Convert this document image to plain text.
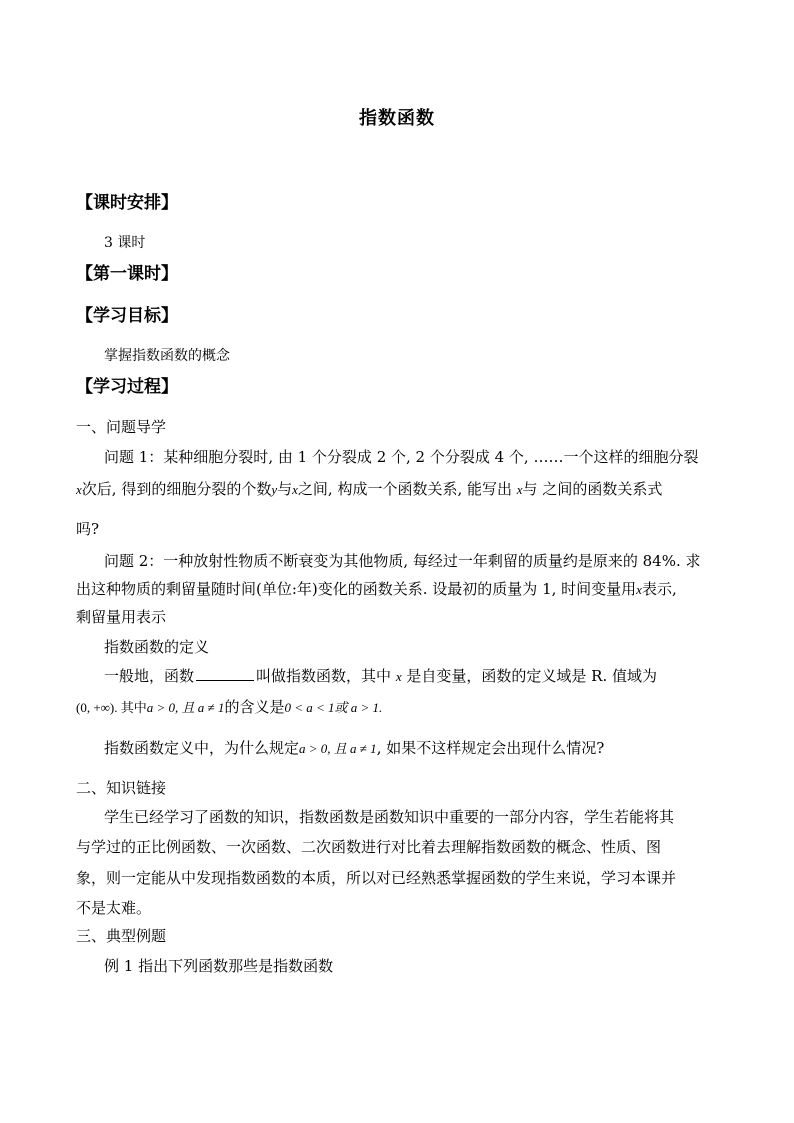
指数函数
【课时安排】
3 课时
【第一课时】
【学习目标】
掌握指数函数的概念
【学习过程】
一、问题导学
问题 1：某种细胞分裂时, 由 1 个分裂成 2 个, 2 个分裂成 4 个, ……一个这样的细胞分裂
x次后, 得到的细胞分裂的个数y与x之间, 构成一个函数关系, 能写出 x与 之间的函数关系式
吗?
问题 2：一种放射性物质不断衰变为其他物质, 每经过一年剩留的质量约是原来的 84%. 求
出这种物质的剩留量随时间(单位:年)变化的函数关系. 设最初的质量为 1, 时间变量用x表示,
剩留量用表示
指数函数的定义
一般地，函数	叫做指数函数，其中 x 是自变量，函数的定义域是 R. 值域为
(0, +∞). 其中a > 0, 且 a ≠ 1的含义是0 < a < 1或 a > 1.
指数函数定义中，为什么规定a > 0, 且 a ≠ 1, 如果不这样规定会出现什么情况?
二、知识链接
学生已经学习了函数的知识，指数函数是函数知识中重要的一部分内容，学生若能将其
与学过的正比例函数、一次函数、二次函数进行对比着去理解指数函数的概念、性质、图
象，则一定能从中发现指数函数的本质，所以对已经熟悉掌握函数的学生来说，学习本课并
不是太难。
三、典型例题
例 1 指出下列函数那些是指数函数
